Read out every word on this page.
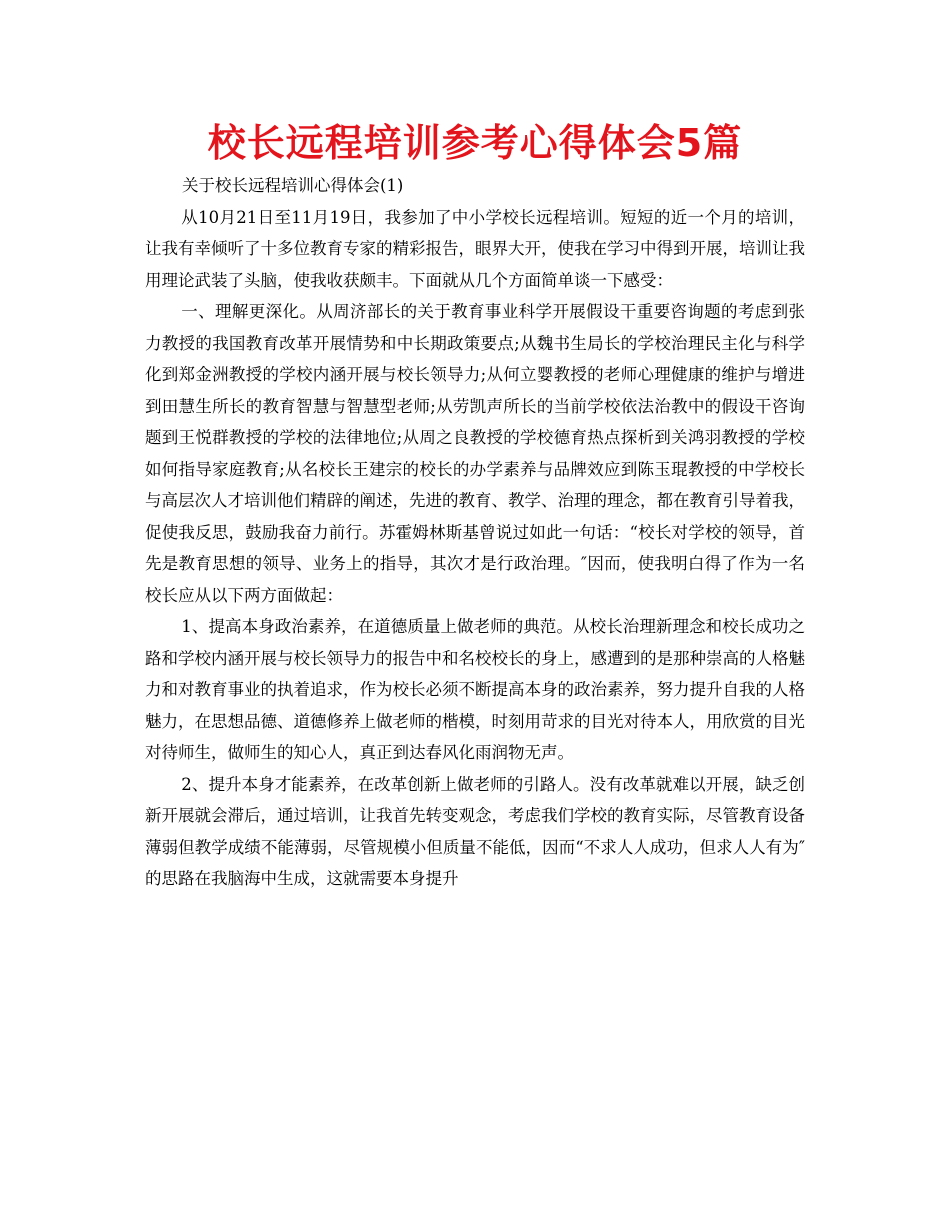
校长远程培训参考心得体会5篇

关于校长远程培训心得体会(1)

从10月21日至11月19日，我参加了中小学校长远程培训。短短的近一个月的培训，让我有幸倾听了十多位教育专家的精彩报告，眼界大开，使我在学习中得到开展，培训让我用理论武装了头脑，使我收获颇丰。下面就从几个方面简单谈一下感受：

一、理解更深化。从周济部长的关于教育事业科学开展假设干重要咨询题的考虑到张力教授的我国教育改革开展情势和中长期政策要点;从魏书生局长的学校治理民主化与科学化到郑金洲教授的学校内涵开展与校长领导力;从何立婴教授的老师心理健康的维护与增进到田慧生所长的教育智慧与智慧型老师;从劳凯声所长的当前学校依法治教中的假设干咨询题到王悦群教授的学校的法律地位;从周之良教授的学校德育热点探析到关鸿羽教授的学校如何指导家庭教育;从名校长王建宗的校长的办学素养与品牌效应到陈玉琨教授的中学校长与高层次人才培训他们精辟的阐述，先进的教育、教学、治理的理念，都在教育引导着我，促使我反思，鼓励我奋力前行。苏霍姆林斯基曾说过如此一句话：“校长对学校的领导，首先是教育思想的领导、业务上的指导，其次才是行政治理。″因而，使我明白得了作为一名校长应从以下两方面做起：

1、提高本身政治素养，在道德质量上做老师的典范。从校长治理新理念和校长成功之路和学校内涵开展与校长领导力的报告中和名校校长的身上，感遭到的是那种崇高的人格魅力和对教育事业的执着追求，作为校长必须不断提高本身的政治素养，努力提升自我的人格魅力，在思想品德、道德修养上做老师的楷模，时刻用苛求的目光对待本人，用欣赏的目光对待师生，做师生的知心人，真正到达春风化雨润物无声。

2、提升本身才能素养，在改革创新上做老师的引路人。没有改革就难以开展，缺乏创新开展就会滞后，通过培训，让我首先转变观念，考虑我们学校的教育实际，尽管教育设备薄弱但教学成绩不能薄弱，尽管规模小但质量不能低，因而“不求人人成功，但求人人有为″的思路在我脑海中生成，这就需要本身提升
